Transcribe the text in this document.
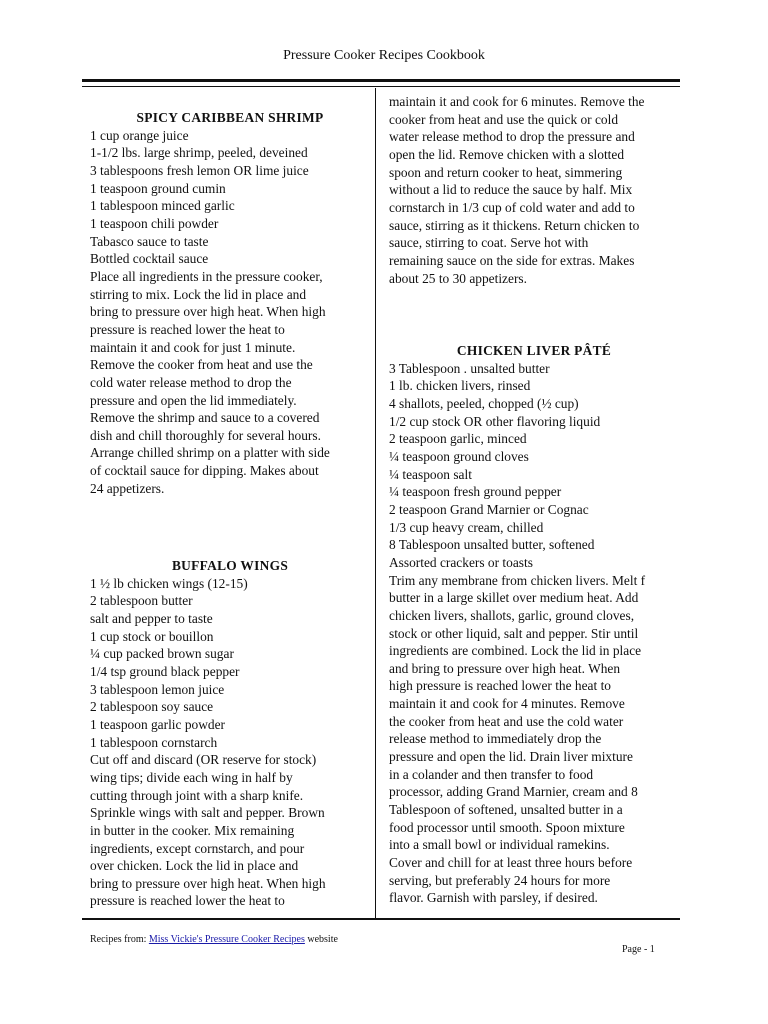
Pressure Cooker Recipes Cookbook
SPICY CARIBBEAN SHRIMP
1 cup orange juice
1-1/2 lbs. large shrimp, peeled, deveined
3 tablespoons fresh lemon OR lime juice
1 teaspoon ground cumin
1 tablespoon minced garlic
1 teaspoon chili powder
Tabasco sauce to taste
Bottled cocktail sauce
Place all ingredients in the pressure cooker,
stirring to mix. Lock the lid in place and
bring to pressure over high heat. When high
pressure is reached lower the heat to
maintain it and cook for just 1 minute.
Remove the cooker from heat and use the
cold water release method to drop the
pressure and open the lid immediately.
Remove the shrimp and sauce to a covered
dish and chill thoroughly for several hours.
Arrange chilled shrimp on a platter with side
of cocktail sauce for dipping. Makes about
24 appetizers.
BUFFALO WINGS
1 ½ lb chicken wings (12-15)
2 tablespoon butter
salt and pepper to taste
1 cup stock or bouillon
¼ cup packed brown sugar
1/4 tsp ground black pepper
3 tablespoon lemon juice
2 tablespoon soy sauce
1 teaspoon garlic powder
1 tablespoon cornstarch
Cut off and discard (OR reserve for stock)
wing tips; divide each wing in half by
cutting through joint with a sharp knife.
Sprinkle wings with salt and pepper. Brown
in butter in the cooker. Mix remaining
ingredients, except cornstarch, and pour
over chicken. Lock the lid in place and
bring to pressure over high heat. When high
pressure is reached lower the heat to
maintain it and cook for 6 minutes. Remove the
cooker from heat and use the quick or cold
water release method to drop the pressure and
open the lid. Remove chicken with a slotted
spoon and return cooker to heat, simmering
without a lid to reduce the sauce by half. Mix
cornstarch in 1/3 cup of cold water and add to
sauce, stirring as it thickens. Return chicken to
sauce, stirring to coat. Serve hot with
remaining sauce on the side for extras. Makes
about 25 to 30 appetizers.
CHICKEN LIVER PÂTÉ
3 Tablespoon . unsalted butter
1 lb. chicken livers, rinsed
4 shallots, peeled, chopped (½ cup)
1/2 cup stock OR other flavoring liquid
2 teaspoon garlic, minced
¼ teaspoon ground cloves
¼ teaspoon salt
¼ teaspoon fresh ground pepper
2 teaspoon Grand Marnier or Cognac
1/3 cup heavy cream, chilled
8 Tablespoon unsalted butter, softened
Assorted crackers or toasts
Trim any membrane from chicken livers. Melt f
butter in a large skillet over medium heat. Add
chicken livers, shallots, garlic, ground cloves,
stock or other liquid, salt and pepper. Stir until
ingredients are combined. Lock the lid in place
and bring to pressure over high heat. When
high pressure is reached lower the heat to
maintain it and cook for 4 minutes. Remove
the cooker from heat and use the cold water
release method to immediately drop the
pressure and open the lid. Drain liver mixture
in a colander and then transfer to food
processor, adding Grand Marnier, cream and 8
Tablespoon of softened, unsalted butter in a
food processor until smooth. Spoon mixture
into a small bowl or individual ramekins.
Cover and chill for at least three hours before
serving, but preferably 24 hours for more
flavor. Garnish with parsley, if desired.
Recipes from: Miss Vickie's Pressure Cooker Recipes website
Page - 1
